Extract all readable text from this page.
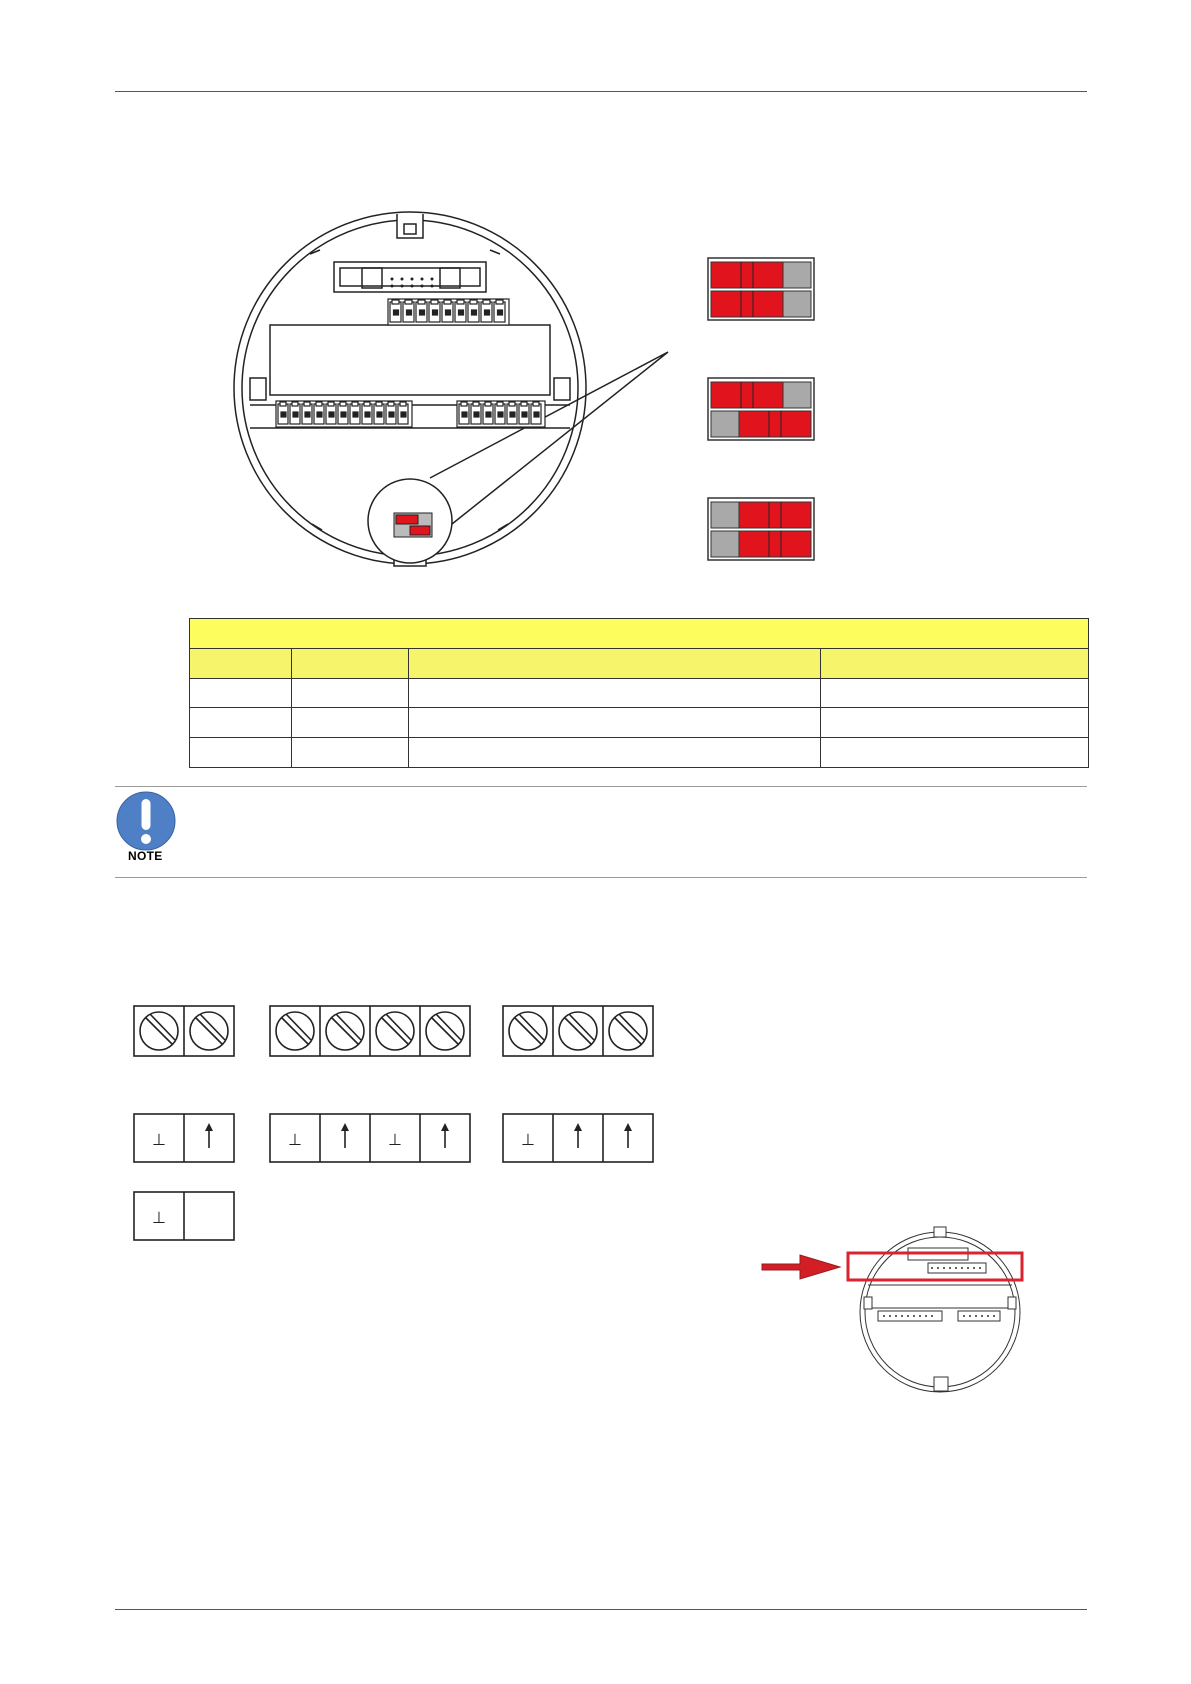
NOTE
⊥	⊥	⊥	⊥
⊥
